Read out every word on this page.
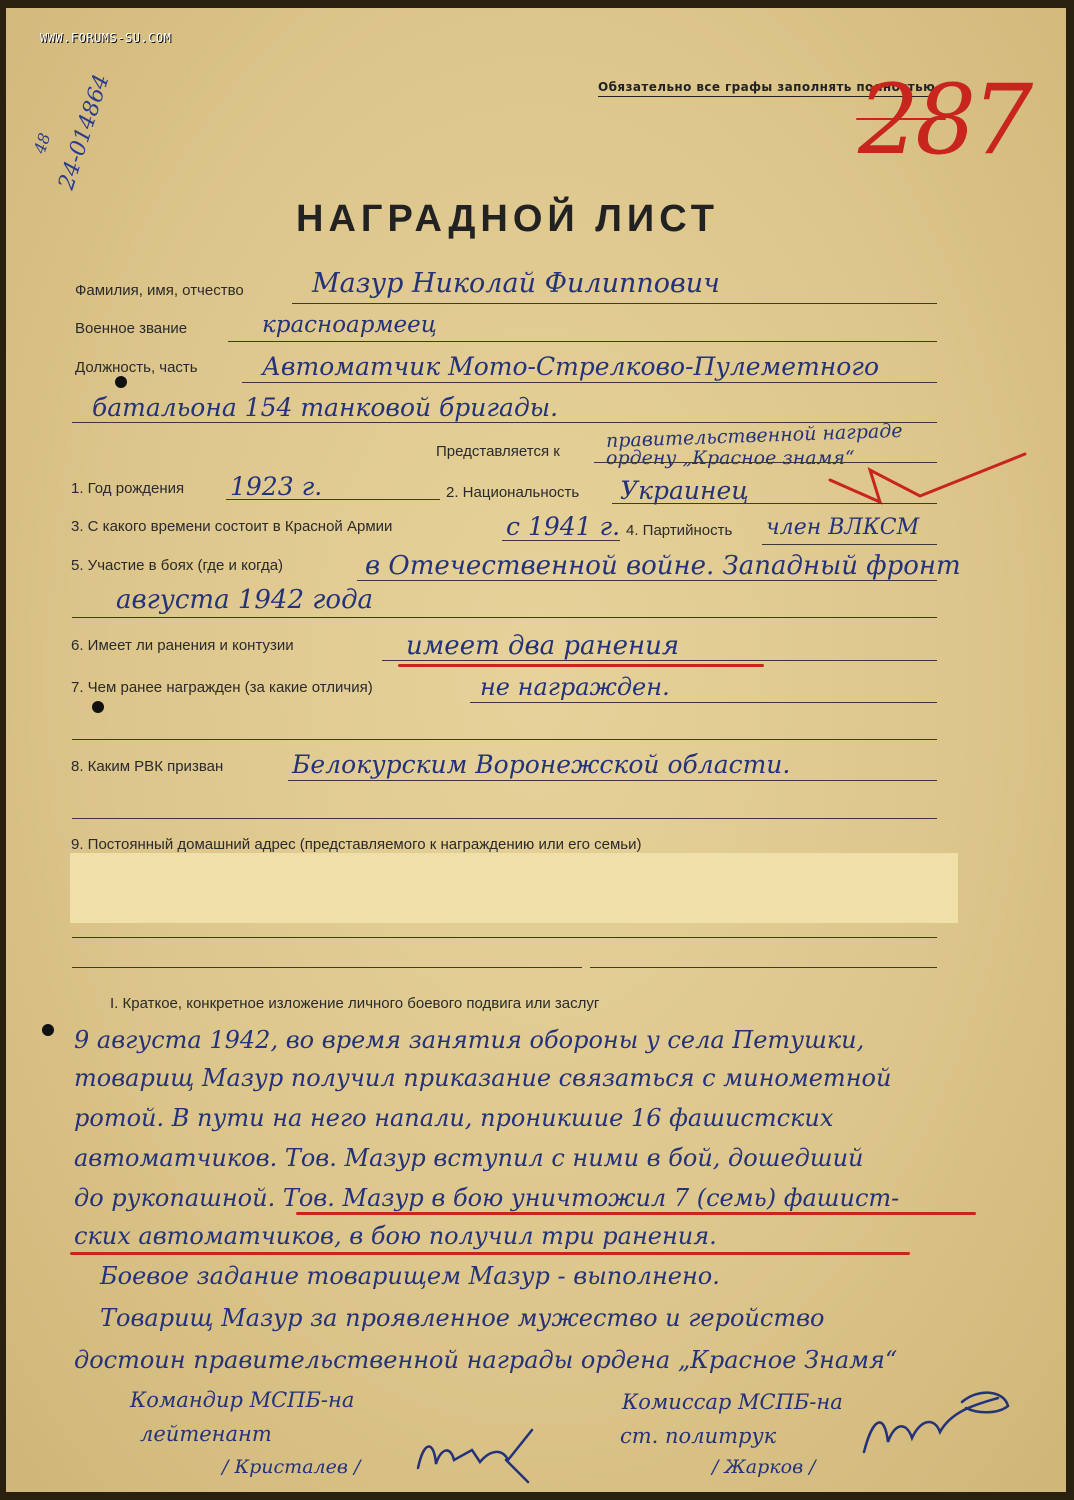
WWW.FORUMS-SU.COM
Обязательно все графы заполнять полностью
48 24-014864	287
НАГРАДНОЙ ЛИСТ
Фамилия, имя, отчество	Мазур Николай Филиппович
Военное звание	красноармеец
Должность, часть	Автоматчик Мото-Стрелково-Пулеметного
батальона 154 танковой бригады.
Представляется к правительственной награде
ордену „Красное знамя“
1. Год рождения 1923 г.	2. Национальность Украинец
3. С какого времени состоит в Красной Армии	с 1941 г. 4. Партийность член ВЛКСМ
5. Участие в боях (где и когда)	в Отечественной войне. Западный фронт
августа 1942 года
6. Имеет ли ранения и контузии	имеет два ранения
7. Чем ранее награжден (за какие отличия)	не награжден.
8. Каким РВК призван	Белокурским Воронежской области.
9. Постоянный домашний адрес (представляемого к награждению или его семьи)
I. Краткое, конкретное изложение личного боевого подвига или заслуг
9 августа 1942, во время занятия обороны у села Петушки,
товарищ Мазур получил приказание связаться с минометной
ротой. В пути на него напали, проникшие 16 фашистских
автоматчиков. Тов. Мазур вступил с ними в бой, дошедший
до рукопашной. Тов. Мазур в бою уничтожил 7 (семь) фашист-
ских автоматчиков, в бою получил три ранения.
Боевое задание товарищем Мазур - выполнено.
Товарищ Мазур за проявленное мужество и геройство
достоин правительственной награды ордена „Красное Знамя“
Командир МСПБ-на
лейтенант
/ Кристалев /
Комиссар МСПБ-на
ст. политрук
/ Жарков /
